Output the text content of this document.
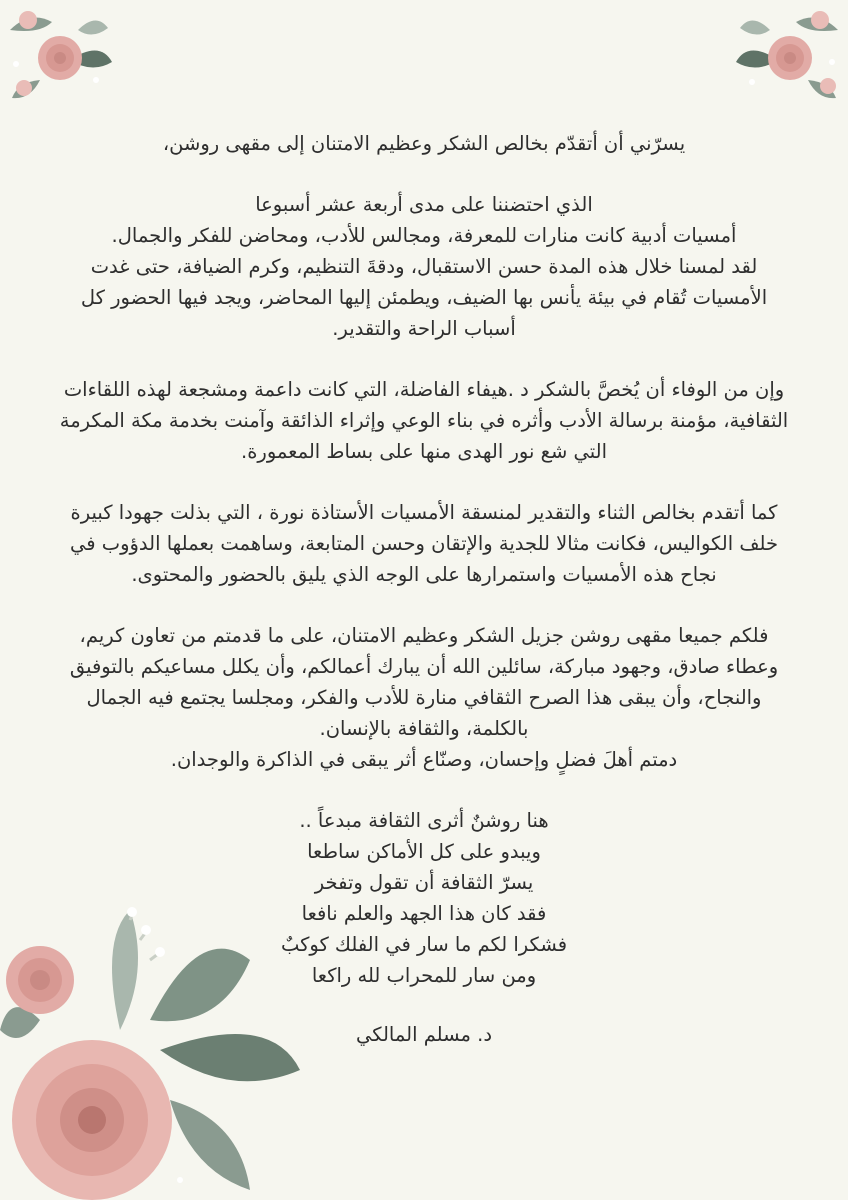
يسرّني أن أتقدّم بخالص الشكر وعظيم الامتنان إلى مقهى روشن،
الذي احتضننا على مدى أربعة عشر أسبوعا
أمسيات أدبية كانت منارات للمعرفة، ومجالس للأدب، ومحاضن للفكر والجمال.
لقد لمسنا خلال هذه المدة حسن الاستقبال، ودقةَ التنظيم، وكرم الضيافة، حتى غدت
الأمسيات تُقام في بيئة يأنس بها الضيف، ويطمئن إليها المحاضر، ويجد فيها الحضور كل
أسباب الراحة والتقدير.
وإن من الوفاء أن يُخصَّ بالشكر د .هيفاء الفاضلة، التي كانت داعمة ومشجعة لهذه اللقاءات
الثقافية، مؤمنة برسالة الأدب وأثره في بناء الوعي وإثراء الذائقة وآمنت بخدمة مكة المكرمة
التي شع نور الهدى منها على بساط المعمورة.
كما أتقدم بخالص الثناء والتقدير لمنسقة الأمسيات الأستاذة نورة ، التي بذلت جهودا كبيرة
خلف الكواليس، فكانت مثالا للجدية والإتقان وحسن المتابعة، وساهمت بعملها الدؤوب في
نجاح هذه الأمسيات واستمرارها على الوجه الذي يليق بالحضور والمحتوى.
فلكم جميعا مقهى روشن جزيل الشكر وعظيم الامتنان، على ما قدمتم من تعاون كريم،
وعطاء صادق، وجهود مباركة، سائلين الله أن يبارك أعمالكم، وأن يكلل مساعيكم بالتوفيق
والنجاح، وأن يبقى هذا الصرح الثقافي منارة للأدب والفكر، ومجلسا يجتمع فيه الجمال
بالكلمة، والثقافة بالإنسان.
دمتم أهلَ فضلٍ وإحسان، وصنّاع أثر يبقى في الذاكرة والوجدان.
هنا روشنٌ أثرى الثقافة مبدعاً ..
ويبدو على كل الأماكن ساطعا
يسرّ الثقافة أن تقول وتفخر
فقد كان هذا الجهد والعلم نافعا
فشكرا لكم ما سار في الفلك كوكبٌ
ومن سار للمحراب لله راكعا
د. مسلم المالكي
